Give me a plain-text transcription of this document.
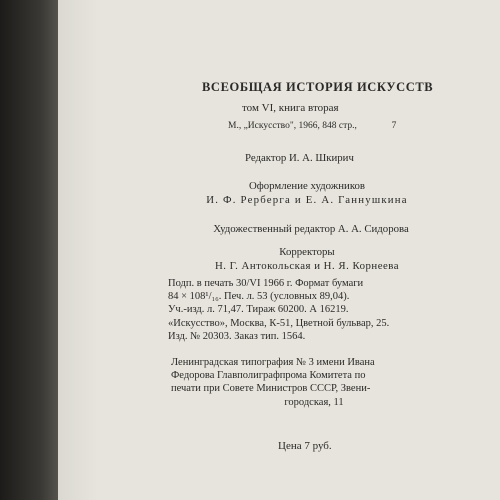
ВСЕОБЩАЯ ИСТОРИЯ ИСКУССТВ
том VI, книга вторая
М., „Искусство", 1966, 848 стр.,	7
Редактор И. А. Шкирич
Оформление художников
И. Ф. Рерберга и Е. А. Ганнушкина
Художественный редактор А. А. Сидорова
Корректоры
Н. Г. Антокольская и Н. Я. Корнеева
Подп. в печать 30/VI 1966 г. Формат бумаги
84 × 108¹/₁₆. Печ. л. 53 (условных 89,04).
Уч.-изд. л. 71,47. Тираж 60200. А 16219.
«Искусство», Москва, К-51, Цветной бульвар, 25.
Изд. № 20303. Заказ тип. 1564.
Ленинградская типография № 3 имени Ивана
Федорова Главполиграфпрома Комитета по
печати при Совете Министров СССР, Звени-
городская, 11
Цена 7 руб.
